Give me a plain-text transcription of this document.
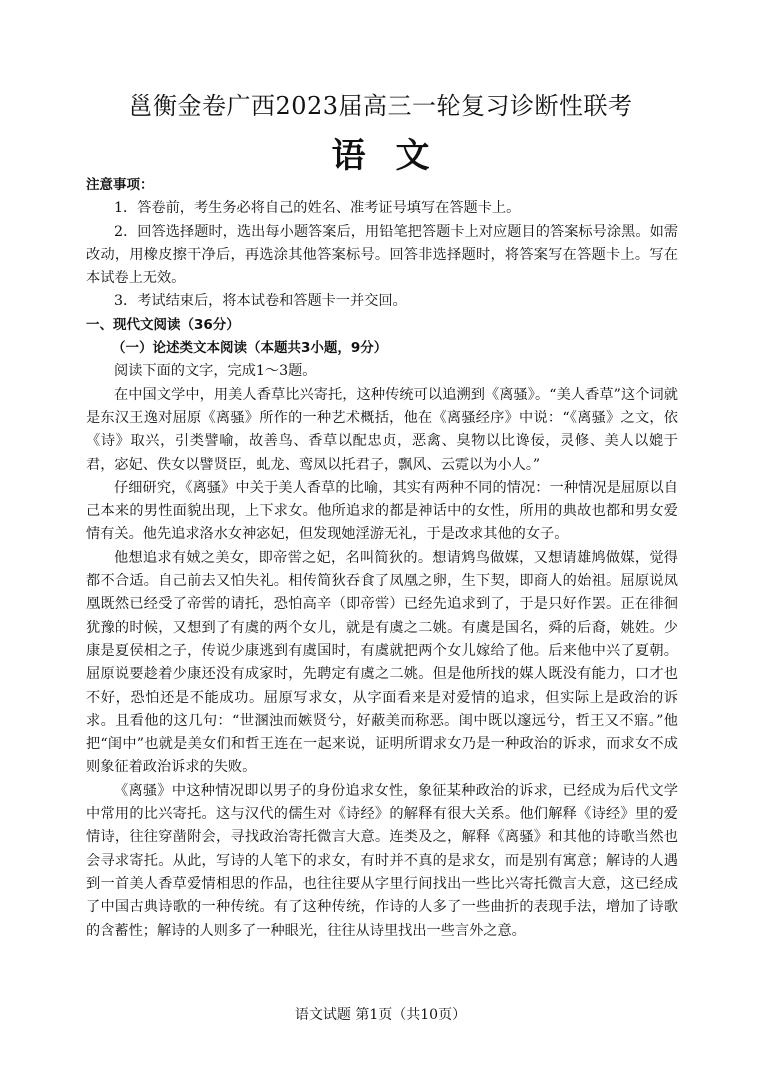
邕衡金卷广西2023届高三一轮复习诊断性联考
语文

注意事项：

1．答卷前，考生务必将自己的姓名、准考证号填写在答题卡上。

2．回答选择题时，选出每小题答案后，用铅笔把答题卡上对应题目的答案标号涂黑。如需改动，用橡皮擦干净后，再选涂其他答案标号。回答非选择题时，将答案写在答题卡上。写在本试卷上无效。

3．考试结束后，将本试卷和答题卡一并交回。

一、现代文阅读（36分）

（一）论述类文本阅读（本题共3小题，9分）

阅读下面的文字，完成1～3题。

在中国文学中，用美人香草比兴寄托，这种传统可以追溯到《离骚》。“美人香草”这个词就是东汉王逸对屈原《离骚》所作的一种艺术概括，他在《离骚经序》中说：“《离骚》之文，依《诗》取兴，引类譬喻，故善鸟、香草以配忠贞，恶禽、臭物以比谗佞，灵修、美人以媲于君，宓妃、佚女以譬贤臣，虬龙、鸾凤以托君子，飘风、云霓以为小人。”

仔细研究，《离骚》中关于美人香草的比喻，其实有两种不同的情况：一种情况是屈原以自己本来的男性面貌出现，上下求女。他所追求的都是神话中的女性，所用的典故也都和男女爱情有关。他先追求洛水女神宓妃，但发现她淫游无礼，于是改求其他的女子。

他想追求有娀之美女，即帝喾之妃，名叫简狄的。想请鸩鸟做媒，又想请雄鸠做媒，觉得都不合适。自己前去又怕失礼。相传简狄吞食了凤凰之卵，生下契，即商人的始祖。屈原说凤凰既然已经受了帝喾的请托，恐怕高辛（即帝喾）已经先追求到了，于是只好作罢。正在徘徊犹豫的时候，又想到了有虞的两个女儿，就是有虞之二姚。有虞是国名，舜的后裔，姚姓。少康是夏侯相之子，传说少康逃到有虞国时，有虞就把两个女儿嫁给了他。后来他中兴了夏朝。屈原说要趁着少康还没有成家时，先聘定有虞之二姚。但是他所找的媒人既没有能力，口才也不好，恐怕还是不能成功。屈原写求女，从字面看来是对爱情的追求，但实际上是政治的诉求。且看他的这几句：“世溷浊而嫉贤兮，好蔽美而称恶。闺中既以邃远兮，哲王又不寤。”他把“闺中”也就是美女们和哲王连在一起来说，证明所谓求女乃是一种政治的诉求，而求女不成则象征着政治诉求的失败。

《离骚》中这种情况即以男子的身份追求女性，象征某种政治的诉求，已经成为后代文学中常用的比兴寄托。这与汉代的儒生对《诗经》的解释有很大关系。他们解释《诗经》里的爱情诗，往往穿凿附会，寻找政治寄托微言大意。连类及之，解释《离骚》和其他的诗歌当然也会寻求寄托。从此，写诗的人笔下的求女，有时并不真的是求女，而是别有寓意；解诗的人遇到一首美人香草爱情相思的作品，也往往要从字里行间找出一些比兴寄托微言大意，这已经成了中国古典诗歌的一种传统。有了这种传统，作诗的人多了一些曲折的表现手法，增加了诗歌的含蓄性；解诗的人则多了一种眼光，往往从诗里找出一些言外之意。

语文试题 第1页（共10页）
